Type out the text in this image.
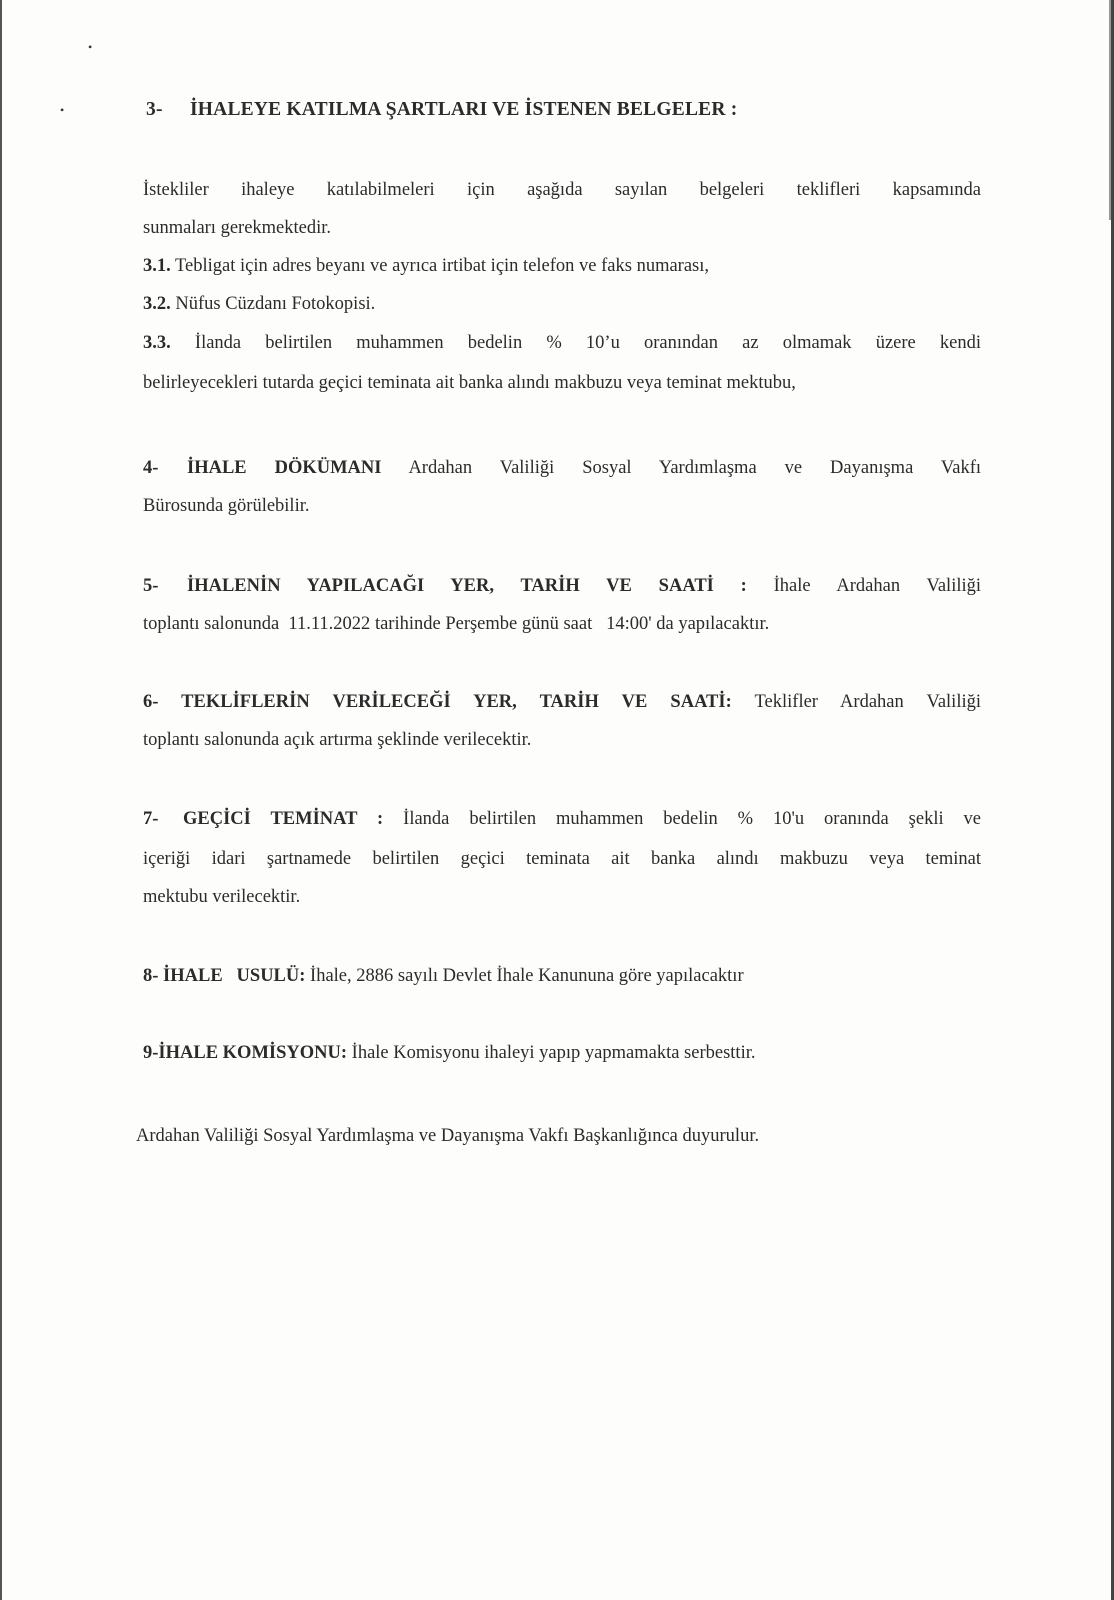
•
•	3- İHALEYE KATILMA ŞARTLARI VE İSTENEN BELGELER :
İstekliler ihaleye katılabilmeleri için aşağıda sayılan belgeleri teklifleri kapsamında
sunmaları gerekmektedir.
3.1. Tebligat için adres beyanı ve ayrıca irtibat için telefon ve faks numarası,
3.2. Nüfus Cüzdanı Fotokopisi.
3.3. İlanda belirtilen muhammen bedelin % 10’u oranından az olmamak üzere kendi
belirleyecekleri tutarda geçici teminata ait banka alındı makbuzu veya teminat mektubu,
4- İHALE DÖKÜMANI Ardahan Valiliği Sosyal Yardımlaşma ve Dayanışma Vakfı
Bürosunda görülebilir.
5- İHALENİN YAPILACAĞI YER, TARİH VE SAATİ : İhale Ardahan Valiliği
toplantı salonunda 11.11.2022 tarihinde Perşembe günü saat 14:00' da yapılacaktır.
6- TEKLİFLERİN VERİLECEĞİ YER, TARİH VE SAATİ: Teklifler Ardahan Valiliği
toplantı salonunda açık artırma şeklinde verilecektir.
7- GEÇİCİ TEMİNAT : İlanda belirtilen muhammen bedelin % 10'u oranında şekli ve
içeriği idari şartnamede belirtilen geçici teminata ait banka alındı makbuzu veya teminat
mektubu verilecektir.
8- İHALE   USULÜ: İhale, 2886 sayılı Devlet İhale Kanununa göre yapılacaktır
9-İHALE KOMİSYONU: İhale Komisyonu ihaleyi yapıp yapmamakta serbesttir.
Ardahan Valiliği Sosyal Yardımlaşma ve Dayanışma Vakfı Başkanlığınca duyurulur.
